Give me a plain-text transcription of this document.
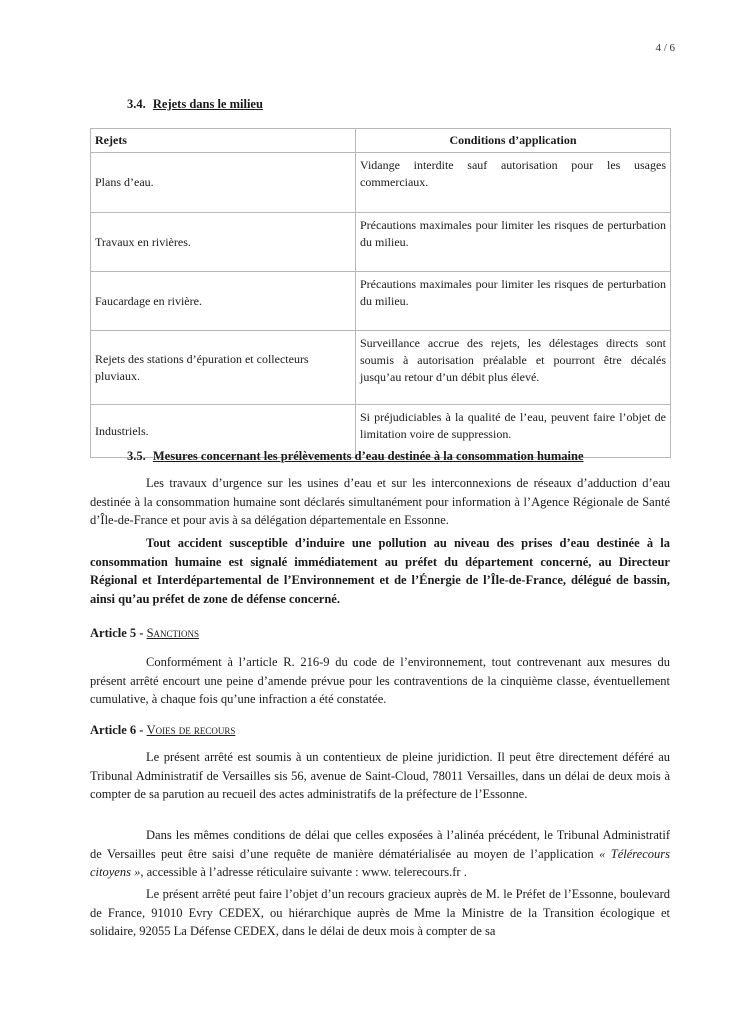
4 / 6
3.4. Rejets dans le milieu
Rejets	Conditions d’application
Plans d’eau.	Vidange interdite sauf autorisation pour les usages commerciaux.
Travaux en rivières.	Précautions maximales pour limiter les risques de perturbation du milieu.
Faucardage en rivière.	Précautions maximales pour limiter les risques de perturbation du milieu.
Rejets des stations d’épuration et collecteurs pluviaux.	Surveillance accrue des rejets, les délestages directs sont soumis à autorisation préalable et pourront être décalés jusqu’au retour d’un débit plus élevé.
Industriels.	Si préjudiciables à la qualité de l’eau, peuvent faire l’objet de limitation voire de suppression.
3.5. Mesures concernant les prélèvements d’eau destinée à la consommation humaine
Les travaux d’urgence sur les usines d’eau et sur les interconnexions de réseaux d’adduction d’eau destinée à la consommation humaine sont déclarés simultanément pour information à l’Agence Régionale de Santé d’Île-de-France et pour avis à sa délégation départementale en Essonne.
Tout accident susceptible d’induire une pollution au niveau des prises d’eau destinée à la consommation humaine est signalé immédiatement au préfet du département concerné, au Directeur Régional et Interdépartemental de l’Environnement et de l’Énergie de l’Île-de-France, délégué de bassin, ainsi qu’au préfet de zone de défense concerné.
Article 5 - Sanctions
Conformément à l’article R. 216-9 du code de l’environnement, tout contrevenant aux mesures du présent arrêté encourt une peine d’amende prévue pour les contraventions de la cinquième classe, éventuellement cumulative, à chaque fois qu’une infraction a été constatée.
Article 6 - Voies de recours
Le présent arrêté est soumis à un contentieux de pleine juridiction. Il peut être directement déféré au Tribunal Administratif de Versailles sis 56, avenue de Saint-Cloud, 78011 Versailles, dans un délai de deux mois à compter de sa parution au recueil des actes administratifs de la préfecture de l’Essonne.
Dans les mêmes conditions de délai que celles exposées à l’alinéa précédent, le Tribunal Administratif de Versailles peut être saisi d’une requête de manière dématérialisée au moyen de l’application « Télérecours citoyens », accessible à l’adresse réticulaire suivante : www. telerecours.fr .
Le présent arrêté peut faire l’objet d’un recours gracieux auprès de M. le Préfet de l’Essonne, boulevard de France, 91010 Evry CEDEX, ou hiérarchique auprès de Mme la Ministre de la Transition écologique et solidaire, 92055 La Défense CEDEX, dans le délai de deux mois à compter de sa
